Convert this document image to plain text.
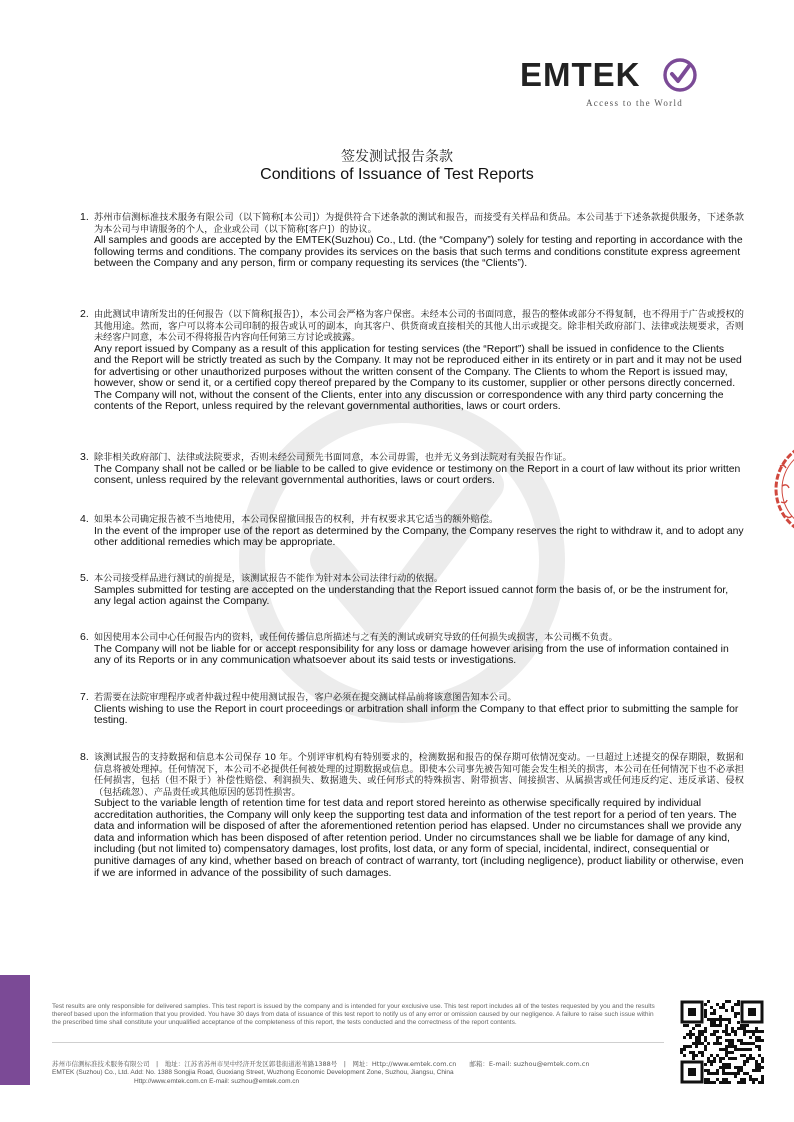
EMTEK
Access to the World
签发测试报告条款
Conditions of Issuance of Test Reports
1. 苏州市信测标准技术服务有限公司（以下简称[本公司]）为提供符合下述条款的测试和报告，而接受有关样品和货品。本公司基于下述条款提供服务，下述条款为本公司与申请服务的个人，企业或公司（以下简称[客户]）的协议。
All samples and goods are accepted by the EMTEK(Suzhou) Co., Ltd. (the “Company”) solely for testing and reporting in accordance with the following terms and conditions. The company provides its services on the basis that such terms and conditions constitute express agreement between the Company and any person, firm or company requesting its services (the “Clients”).
2. 由此测试申请所发出的任何报告（以下简称[报告]），本公司会严格为客户保密。未经本公司的书面同意，报告的整体或部分不得复制，也不得用于广告或授权的其他用途。然而，客户可以将本公司印制的报告或认可的副本，向其客户、供货商或直接相关的其他人出示或提交。除非相关政府部门、法律或法规要求，否则未经客户同意，本公司不得将报告内容向任何第三方讨论或披露。
Any report issued by Company as a result of this application for testing services (the “Report”) shall be issued in confidence to the Clients and the Report will be strictly treated as such by the Company. It may not be reproduced either in its entirety or in part and it may not be used for advertising or other unauthorized purposes without the written consent of the Company. The Clients to whom the Report is issued may, however, show or send it, or a certified copy thereof prepared by the Company to its customer, supplier or other persons directly concerned. The Company will not, without the consent of the Clients, enter into any discussion or correspondence with any third party concerning the contents of the Report, unless required by the relevant governmental authorities, laws or court orders.
3. 除非相关政府部门、法律或法院要求，否则未经公司预先书面同意，本公司毋需，也并无义务到法院对有关报告作证。
The Company shall not be called or be liable to be called to give evidence or testimony on the Report in a court of law without its prior written consent, unless required by the relevant governmental authorities, laws or court orders.
4. 如果本公司确定报告被不当地使用，本公司保留撤回报告的权利，并有权要求其它适当的额外赔偿。
In the event of the improper use of the report as determined by the Company, the Company reserves the right to withdraw it, and to adopt any other additional remedies which may be appropriate.
5. 本公司接受样品进行测试的前提是，该测试报告不能作为针对本公司法律行动的依据。
Samples submitted for testing are accepted on the understanding that the Report issued cannot form the basis of, or be the instrument for, any legal action against the Company.
6. 如因使用本公司中心任何报告内的资料，或任何传播信息所描述与之有关的测试或研究导致的任何损失或损害，本公司概不负责。
The Company will not be liable for or accept responsibility for any loss or damage however arising from the use of information contained in any of its Reports or in any communication whatsoever about its said tests or investigations.
7. 若需要在法院审理程序或者仲裁过程中使用测试报告，客户必须在提交测试样品前将该意图告知本公司。
Clients wishing to use the Report in court proceedings or arbitration shall inform the Company to that effect prior to submitting the sample for testing.
8. 该测试报告的支持数据和信息本公司保存 10 年。个别评审机构有特别要求的，检测数据和报告的保存期可依情况变动。一旦超过上述提交的保存期限，数据和信息将被处理掉。任何情况下，本公司不必提供任何被处理的过期数据或信息。即使本公司事先被告知可能会发生相关的损害，本公司在任何情况下也不必承担任何损害，包括（但不限于）补偿性赔偿、利润损失、数据遗失、或任何形式的特殊损害、附带损害、间接损害、从属损害或任何违反约定、违反承诺、侵权（包括疏忽）、产品责任或其他原因的惩罚性损害。
Subject to the variable length of retention time for test data and report stored hereinto as otherwise specifically required by individual accreditation authorities, the Company will only keep the supporting test data and information of the test report for a period of ten years. The data and information will be disposed of after the aforementioned retention period has elapsed. Under no circumstances shall we provide any data and information which has been disposed of after retention period. Under no circumstances shall we be liable for damage of any kind, including (but not limited to) compensatory damages, lost profits, lost data, or any form of special, incidental, indirect, consequential or punitive damages of any kind, whether based on breach of contract of warranty, tort (including negligence), product liability or otherwise, even if we are informed in advance of the possibility of such damages.
Test results are only responsible for delivered samples. This test report is issued by the company and is intended for your exclusive use. This test report includes all of the testes requested by you and the results thereof based upon the information that you provided. You have 30 days from data of issuance of this test report to notify us of any error or omission caused by our negligence. A failure to raise such issue within the prescribed time shall constitute your unqualified acceptance of the completeness of this report, the tests conducted and the correctness of the report contents.
苏州市信测标准技术服务有限公司　|　地址：江苏省苏州市吴中经济开发区郭巷街道淞苇路1388号　|　网址：Http://www.emtek.com.cn　　邮箱：E-mail: suzhou@emtek.com.cn
EMTEK (Suzhou) Co., Ltd. Add: No. 1388 Songjia Road, Guoxiang Street, Wuzhong Economic Development Zone, Suzhou, Jiangsu, China
Http://www.emtek.com.cn E-mail: suzhou@emtek.com.cn
